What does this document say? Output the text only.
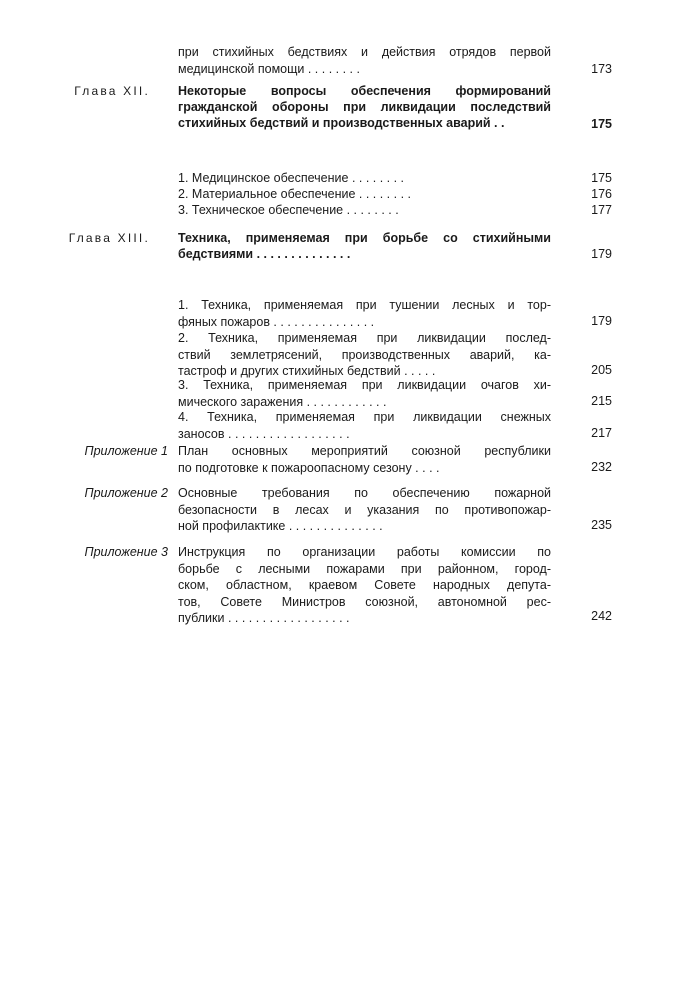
при стихийных бедствиях и действия отрядов первой
медицинской помощи . . . . . . . .	173
Глава XII. Некоторые вопросы обеспечения формирований
гражданской обороны при ликвидации последствий
стихийных бедствий и производственных аварий . .	175
1. Медицинское обеспечение . . . . . . . .	175
2. Материальное обеспечение . . . . . . . .	176
3. Техническое обеспечение . . . . . . . .	177
Глава XIII. Техника, применяемая при борьбе со стихийными
бедствиями . . . . . . . . . . . . . .	179
1. Техника, применяемая при тушении лесных и тор-
фяных пожаров . . . . . . . . . . . . . . .	179
2. Техника, применяемая при ликвидации послед-
ствий землетрясений, производственных аварий, ка-
тастроф и других стихийных бедствий . . . . .	205
3. Техника, применяемая при ликвидации очагов хи-
мического заражения . . . . . . . . . . . .	215
4. Техника, применяемая при ликвидации снежных
заносов . . . . . . . . . . . . . . . . . .	217
Приложение 1 План основных мероприятий союзной республики
по подготовке к пожароопасному сезону . . . .	232
Приложение 2 Основные требования по обеспечению пожарной
безопасности в лесах и указания по противопожар-
ной профилактике . . . . . . . . . . . . . .	235
Приложение 3 Инструкция по организации работы комиссии по
борьбе с лесными пожарами при районном, город-
ском, областном, краевом Совете народных депута-
тов, Совете Министров союзной, автономной рес-
публики . . . . . . . . . . . . . . . . . .	242
